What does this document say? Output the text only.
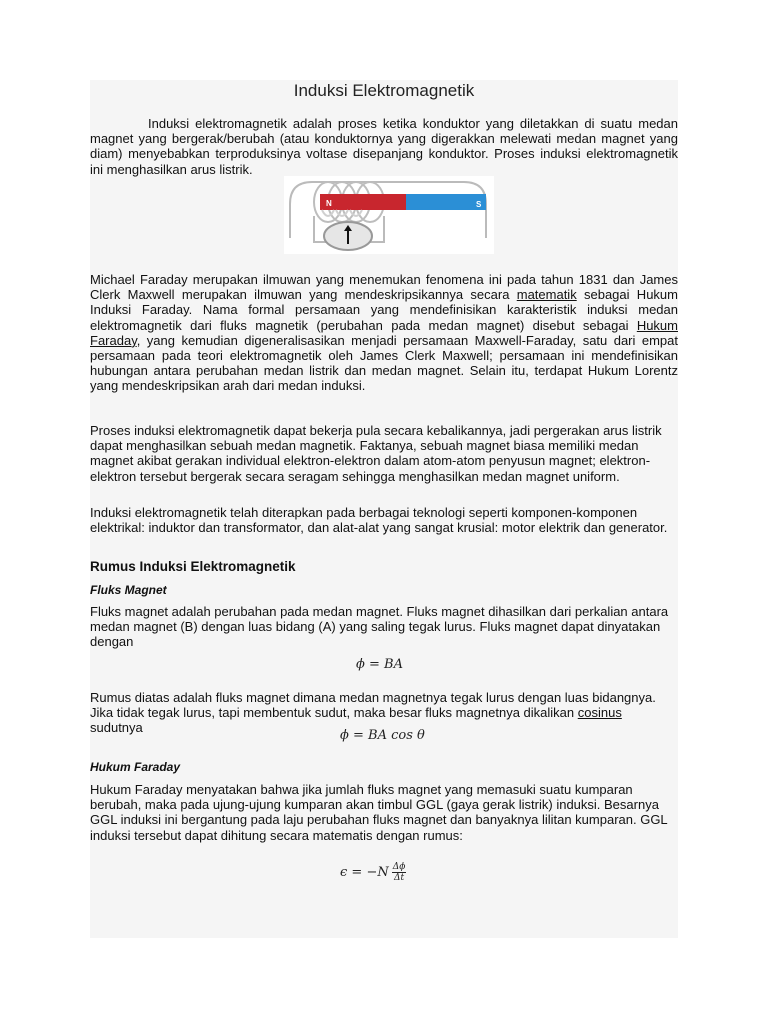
Induksi Elektromagnetik
Induksi elektromagnetik adalah proses ketika konduktor yang diletakkan di suatu medan magnet yang bergerak/berubah (atau konduktornya yang digerakkan melewati medan magnet yang diam) menyebabkan terproduksinya voltase disepanjang konduktor. Proses induksi elektromagnetik ini menghasilkan arus listrik.
N	S
Michael Faraday merupakan ilmuwan yang menemukan fenomena ini pada tahun 1831 dan James Clerk Maxwell merupakan ilmuwan yang mendeskripsikannya secara matematik sebagai Hukum Induksi Faraday. Nama formal persamaan yang mendefinisikan karakteristik induksi medan elektromagnetik dari fluks magnetik (perubahan pada medan magnet) disebut sebagai Hukum Faraday, yang kemudian digeneralisasikan menjadi persamaan Maxwell-Faraday, satu dari empat persamaan pada teori elektromagnetik oleh James Clerk Maxwell; persamaan ini mendefinisikan hubungan antara perubahan medan listrik dan medan magnet. Selain itu, terdapat Hukum Lorentz yang mendeskripsikan arah dari medan induksi.
Proses induksi elektromagnetik dapat bekerja pula secara kebalikannya, jadi pergerakan arus listrik dapat menghasilkan sebuah medan magnetik. Faktanya, sebuah magnet biasa memiliki medan magnet akibat gerakan individual elektron-elektron dalam atom-atom penyusun magnet; elektron-elektron tersebut bergerak secara seragam sehingga menghasilkan medan magnet uniform.
Induksi elektromagnetik telah diterapkan pada berbagai teknologi seperti komponen-komponen elektrikal: induktor dan transformator, dan alat-alat yang sangat krusial: motor elektrik dan generator.
Rumus Induksi Elektromagnetik
Fluks Magnet
Fluks magnet adalah perubahan pada medan magnet. Fluks magnet dihasilkan dari perkalian antara medan magnet (B) dengan luas bidang (A) yang saling tegak lurus. Fluks magnet dapat dinyatakan dengan
ϕ = BA
Rumus diatas adalah fluks magnet dimana medan magnetnya tegak lurus dengan luas bidangnya. Jika tidak tegak lurus, tapi membentuk sudut, maka besar fluks magnetnya dikalikan cosinus sudutnya
ϕ = BA cos θ
Hukum Faraday
Hukum Faraday menyatakan bahwa jika jumlah fluks magnet yang memasuki suatu kumparan berubah, maka pada ujung-ujung kumparan akan timbul GGL (gaya gerak listrik) induksi. Besarnya GGL induksi ini bergantung pada laju perubahan fluks magnet dan banyaknya lilitan kumparan. GGL induksi tersebut dapat dihitung secara matematis dengan rumus:
$\epsilon = -N \frac{\Delta\phi}{\Delta t}$
